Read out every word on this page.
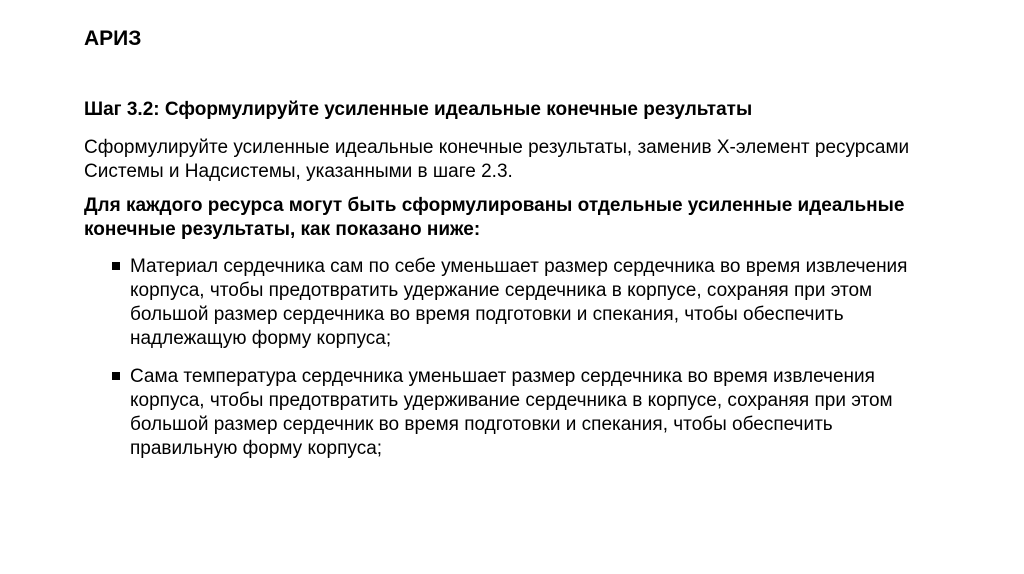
АРИЗ

Шаг 3.2: Сформулируйте усиленные идеальные конечные результаты

Сформулируйте усиленные идеальные конечные результаты, заменив X-элемент ресурсами Системы и Надсистемы, указанными в шаге 2.3.

Для каждого ресурса могут быть сформулированы отдельные усиленные идеальные конечные результаты, как показано ниже:

Материал сердечника сам по себе уменьшает размер сердечника во время извлечения корпуса, чтобы предотвратить удержание сердечника в корпусе, сохраняя при этом большой размер сердечника во время подготовки и спекания, чтобы обеспечить надлежащую форму корпуса;
Сама температура сердечника уменьшает размер сердечника во время извлечения корпуса, чтобы предотвратить удерживание сердечника в корпусе, сохраняя при этом большой размер сердечник во время подготовки и спекания, чтобы обеспечить правильную форму корпуса;
